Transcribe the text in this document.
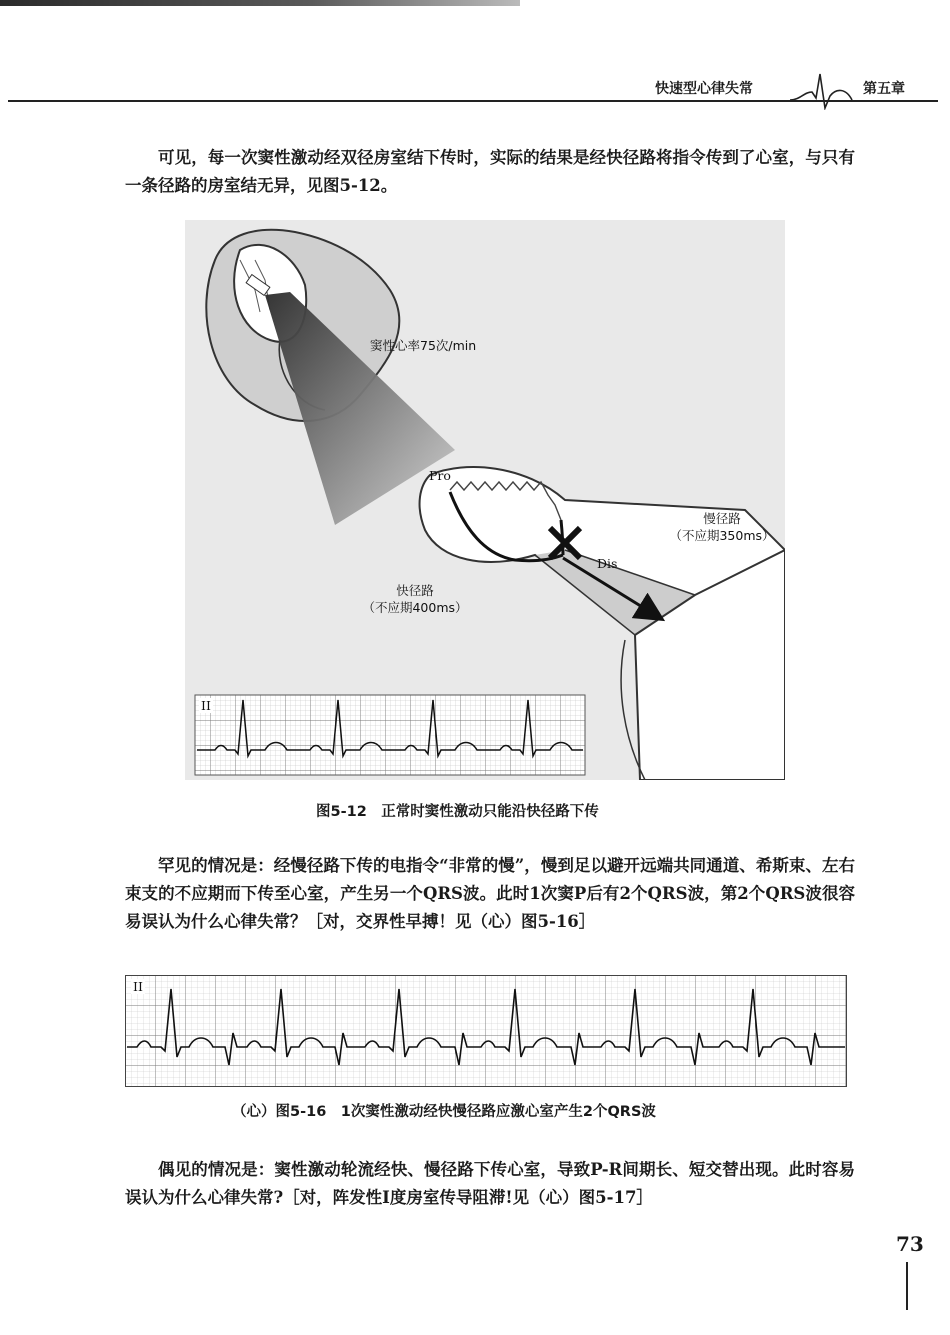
快速型心律失常	第五章

可见，每一次窦性激动经双径房室结下传时，实际的结果是经快径路将指令传到了心室，与只有一条径路的房室结无异，见图5-12。

窦性心率75次/min
Pro
Dis
慢径路
（不应期350ms）
快径路
（不应期400ms）
II
图5-12　正常时窦性激动只能沿快径路下传

罕见的情况是：经慢径路下传的电指令“非常的慢”，慢到足以避开远端共同通道、希斯束、左右束支的不应期而下传至心室，产生另一个QRS波。此时1次窦P后有2个QRS波，第2个QRS波很容易误认为什么心律失常？［对，交界性早搏！见（心）图5-16］

II
（心）图5-16　1次窦性激动经快慢径路应激心室产生2个QRS波

偶见的情况是：窦性激动轮流经快、慢径路下传心室，导致P-R间期长、短交替出现。此时容易误认为什么心律失常?［对，阵发性Ⅰ度房室传导阻滞!见（心）图5-17］

73
